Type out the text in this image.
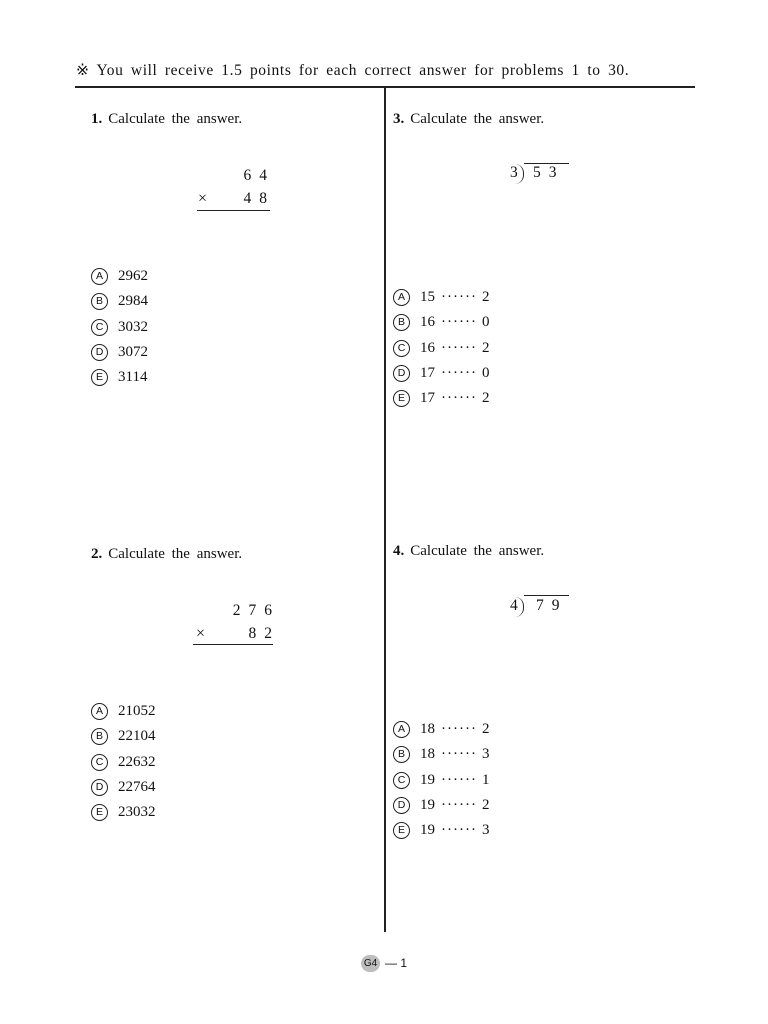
※ You will receive 1.5 points for each correct answer for problems 1 to 30.
1. Calculate the answer.
64
×	48
A	2962
B	2984
C 3032
D 3072
E	3114
2. Calculate the answer.
276
×	82
A	21052
B	22104
C 22632
D 22764
E	23032
3. Calculate the answer.
3 53
A	15 ······ 2
B	16 ······ 0
C 16 ······ 2
D 17 ······ 0
E	17 ······ 2
4. Calculate the answer.
4 79
A	18 ······ 2
B	18 ······ 3
C 19 ······ 1
D 19 ······ 2
E	19 ······ 3
G4 — 1
